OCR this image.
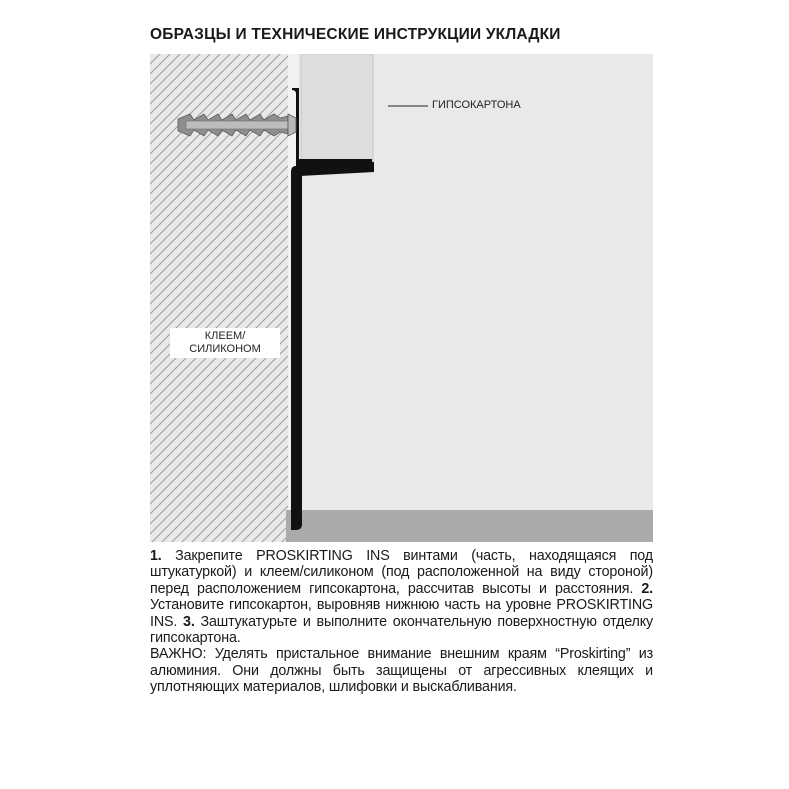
ОБРАЗЦЫ И ТЕХНИЧЕСКИЕ ИНСТРУКЦИИ УКЛАДКИ
ГИПСОКАРТОНА
КЛЕЕМ/
СИЛИКОНОМ

1. Закрепите PROSKIRTING INS винтами (часть, находящаяся под штукатуркой) и клеем/силиконом (под расположенной на виду стороной) перед расположением гипсокартона, рассчитав высоты и расстояния. 2. Установите гипсокартон, выровняв нижнюю часть на уровне PROSKIRTING INS. 3. Заштукатурьте и выполните окончательную поверхностную отделку гипсокартона.

ВАЖНО: Уделять пристальное внимание внешним краям “Proskirting” из алюминия. Они должны быть защищены от агрессивных клеящих и уплотняющих материалов, шлифовки и выскабливания.
